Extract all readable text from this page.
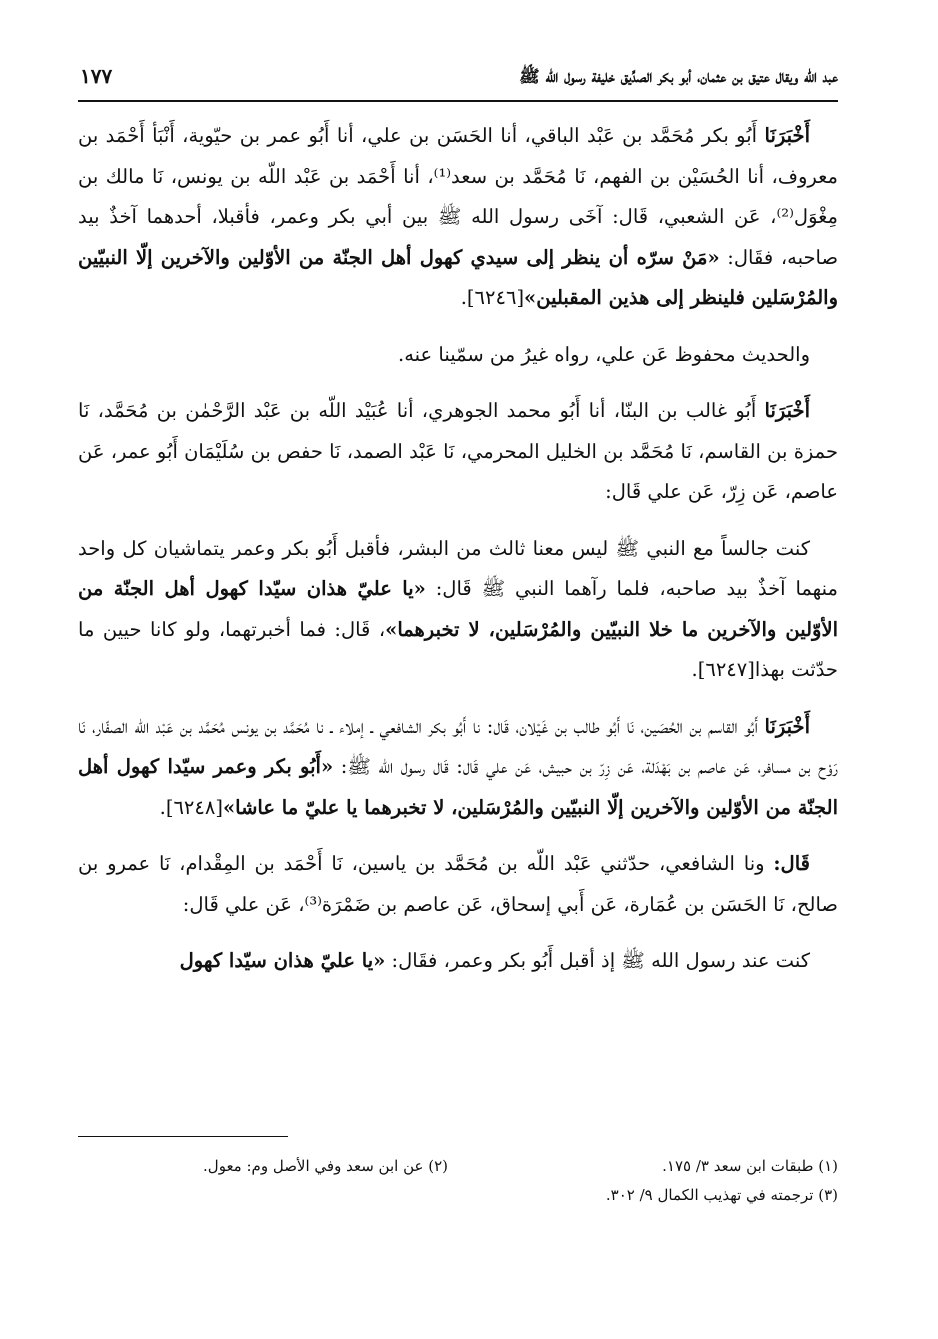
عبد الله ويقال عتيق بن عثمان، أبو بكر الصدِّيق خليفة رسول الله ﷺ
١٧٧

أَخْبَرَنَا أَبُو بكر مُحَمَّد بن عَبْد الباقي، أنا الحَسَن بن علي، أنا أَبُو عمر بن حيّوية، أَنْبَأ أَحْمَد بن معروف، أنا الحُسَيْن بن الفهم، نَا مُحَمَّد بن سعد⁽¹⁾، أنا أَحْمَد بن عَبْد اللّه بن يونس، نَا مالك بن مِغْوَل⁽²⁾، عَن الشعبي، قَال: آخَى رسول الله ﷺ بين أبي بكر وعمر، فأقبلا، أحدهما آخذٌ بيد صاحبه، فقَال: «مَنْ سرّه أن ينظر إلى سيدي كهول أهل الجنّة من الأوّلين والآخرين إلّا النبيّين والمُرْسَلين فلينظر إلى هذين المقبلين»[٦٢٤٦].

والحديث محفوظ عَن علي، رواه غيرُ من سمّينا عنه.

أَخْبَرَنَا أَبُو غالب بن البنّا، أنا أَبُو محمد الجوهري، أنا عُبَيْد اللّه بن عَبْد الرَّحْمٰن بن مُحَمَّد، نَا حمزة بن القاسم، نَا مُحَمَّد بن الخليل المحرمي، نَا عَبْد الصمد، نَا حفص بن سُلَيْمَان أَبُو عمر، عَن عاصم، عَن زِرّ، عَن علي قَال:

كنت جالساً مع النبي ﷺ ليس معنا ثالث من البشر، فأقبل أَبُو بكر وعمر يتماشيان كل واحد منهما آخذٌ بيد صاحبه، فلما رآهما النبي ﷺ قَال: «يا عليّ هذان سيّدا كهول أهل الجنّة من الأوّلين والآخرين ما خلا النبيّين والمُرْسَلين، لا تخبرهما»، قَال: فما أخبرتهما، ولو كانا حيين ما حدّثت بهذا[٦٢٤٧].

أَخْبَرَنَا أَبُو القاسم بن الحُصَين، نَا أَبُو طالب بن غَيْلان، قَال: نا أَبُو بكر الشافعي ـ إملاء ـ نا مُحَمَّد بن يونس مُحَمَّد بن عَبْد اللّه الصفّار، نَا رَوْح بن مسافر، عَن عاصم بن بَهْدَلة، عَن زِرّ بن حبيش، عَن علي قَال: قَال رسول الله ﷺ: «أَبُو بكر وعمر سيّدا كهول أهل الجنّة من الأوّلين والآخرين إلّا النبيّين والمُرْسَلين، لا تخبرهما يا عليّ ما عاشا»[٦٢٤٨].

قَال: ونا الشافعي، حدّثني عَبْد اللّه بن مُحَمَّد بن ياسين، نَا أَحْمَد بن المِقْدام، نَا عمرو بن صالح، نَا الحَسَن بن عُمَارة، عَن أَبي إسحاق، عَن عاصم بن ضَمْرَة⁽³⁾، عَن علي قَال:

كنت عند رسول الله ﷺ إذ أقبل أَبُو بكر وعمر، فقَال: «يا عليّ هذان سيّدا كهول

(١) طبقات ابن سعد ٣/ ١٧٥.
(٢) عن ابن سعد وفي الأصل وم: معول.
(٣) ترجمته في تهذيب الكمال ٩/ ٣٠٢.
